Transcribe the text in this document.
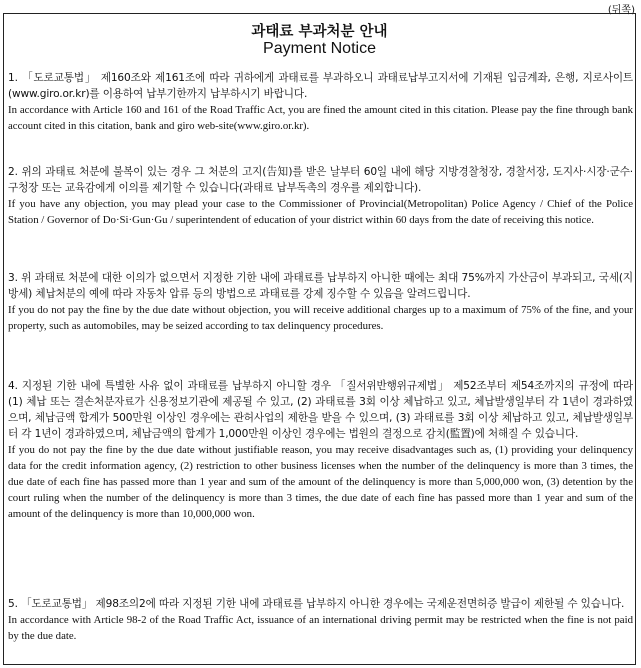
(뒤쪽)
과태료 부과처분 안내
Payment Notice
1. 「도로교통법」 제160조와 제161조에 따라 귀하에게 과태료를 부과하오니 과태료납부고지서에 기재된 입금계좌, 은행, 지로사이트(www.giro.or.kr)를 이용하여 납부기한까지 납부하시기 바랍니다.
In accordance with Article 160 and 161 of the Road Traffic Act, you are fined the amount cited in this citation. Please pay the fine through bank account cited in this citation, bank and giro web-site(www.giro.or.kr).
2. 위의 과태료 처분에 불복이 있는 경우 그 처분의 고지(告知)를 받은 날부터 60일 내에 해당 지방경찰청장, 경찰서장, 도지사·시장·군수·구청장 또는 교육감에게 이의를 제기할 수 있습니다(과태료 납부독촉의 경우를 제외합니다).
If you have any objection, you may plead your case to the Commissioner of Provincial(Metropolitan) Police Agency / Chief of the Police Station / Governor of Do·Si·Gun·Gu / superintendent of education of your district within 60 days from the date of receiving this notice.
3. 위 과태료 처분에 대한 이의가 없으면서 지정한 기한 내에 과태료를 납부하지 아니한 때에는 최대 75%까지 가산금이 부과되고, 국세(지방세) 체납처분의 예에 따라 자동차 압류 등의 방법으로 과태료를 강제 징수할 수 있음을 알려드립니다.
If you do not pay the fine by the due date without objection, you will receive additional charges up to a maximum of 75% of the fine, and your property, such as automobiles, may be seized according to tax delinquency procedures.
4. 지정된 기한 내에 특별한 사유 없이 과태료를 납부하지 아니할 경우 「질서위반행위규제법」 제52조부터 제54조까지의 규정에 따라 (1) 체납 또는 결손처분자료가 신용정보기관에 제공될 수 있고, (2) 과태료를 3회 이상 체납하고 있고, 체납발생일부터 각 1년이 경과하였으며, 체납금액 합계가 500만원 이상인 경우에는 관허사업의 제한을 받을 수 있으며, (3) 과태료를 3회 이상 체납하고 있고, 체납발생일부터 각 1년이 경과하였으며, 체납금액의 합계가 1,000만원 이상인 경우에는 법원의 결정으로 감치(監置)에 처해질 수 있습니다.
If you do not pay the fine by the due date without justifiable reason, you may receive disadvantages such as, (1) providing your delinquency data for the credit information agency, (2) restriction to other business licenses when the number of the delinquency is more than 3 times, the due date of each fine has passed more than 1 year and sum of the amount of the delinquency is more than 5,000,000 won, (3) detention by the court ruling when the number of the delinquency is more than 3 times, the due date of each fine has passed more than 1 year and sum of the amount of the delinquency is more than 10,000,000 won.
5. 「도로교통법」 제98조의2에 따라 지정된 기한 내에 과태료를 납부하지 아니한 경우에는 국제운전면허증 발급이 제한될 수 있습니다.
In accordance with Article 98-2 of the Road Traffic Act, issuance of an international driving permit may be restricted when the fine is not paid by the due date.
